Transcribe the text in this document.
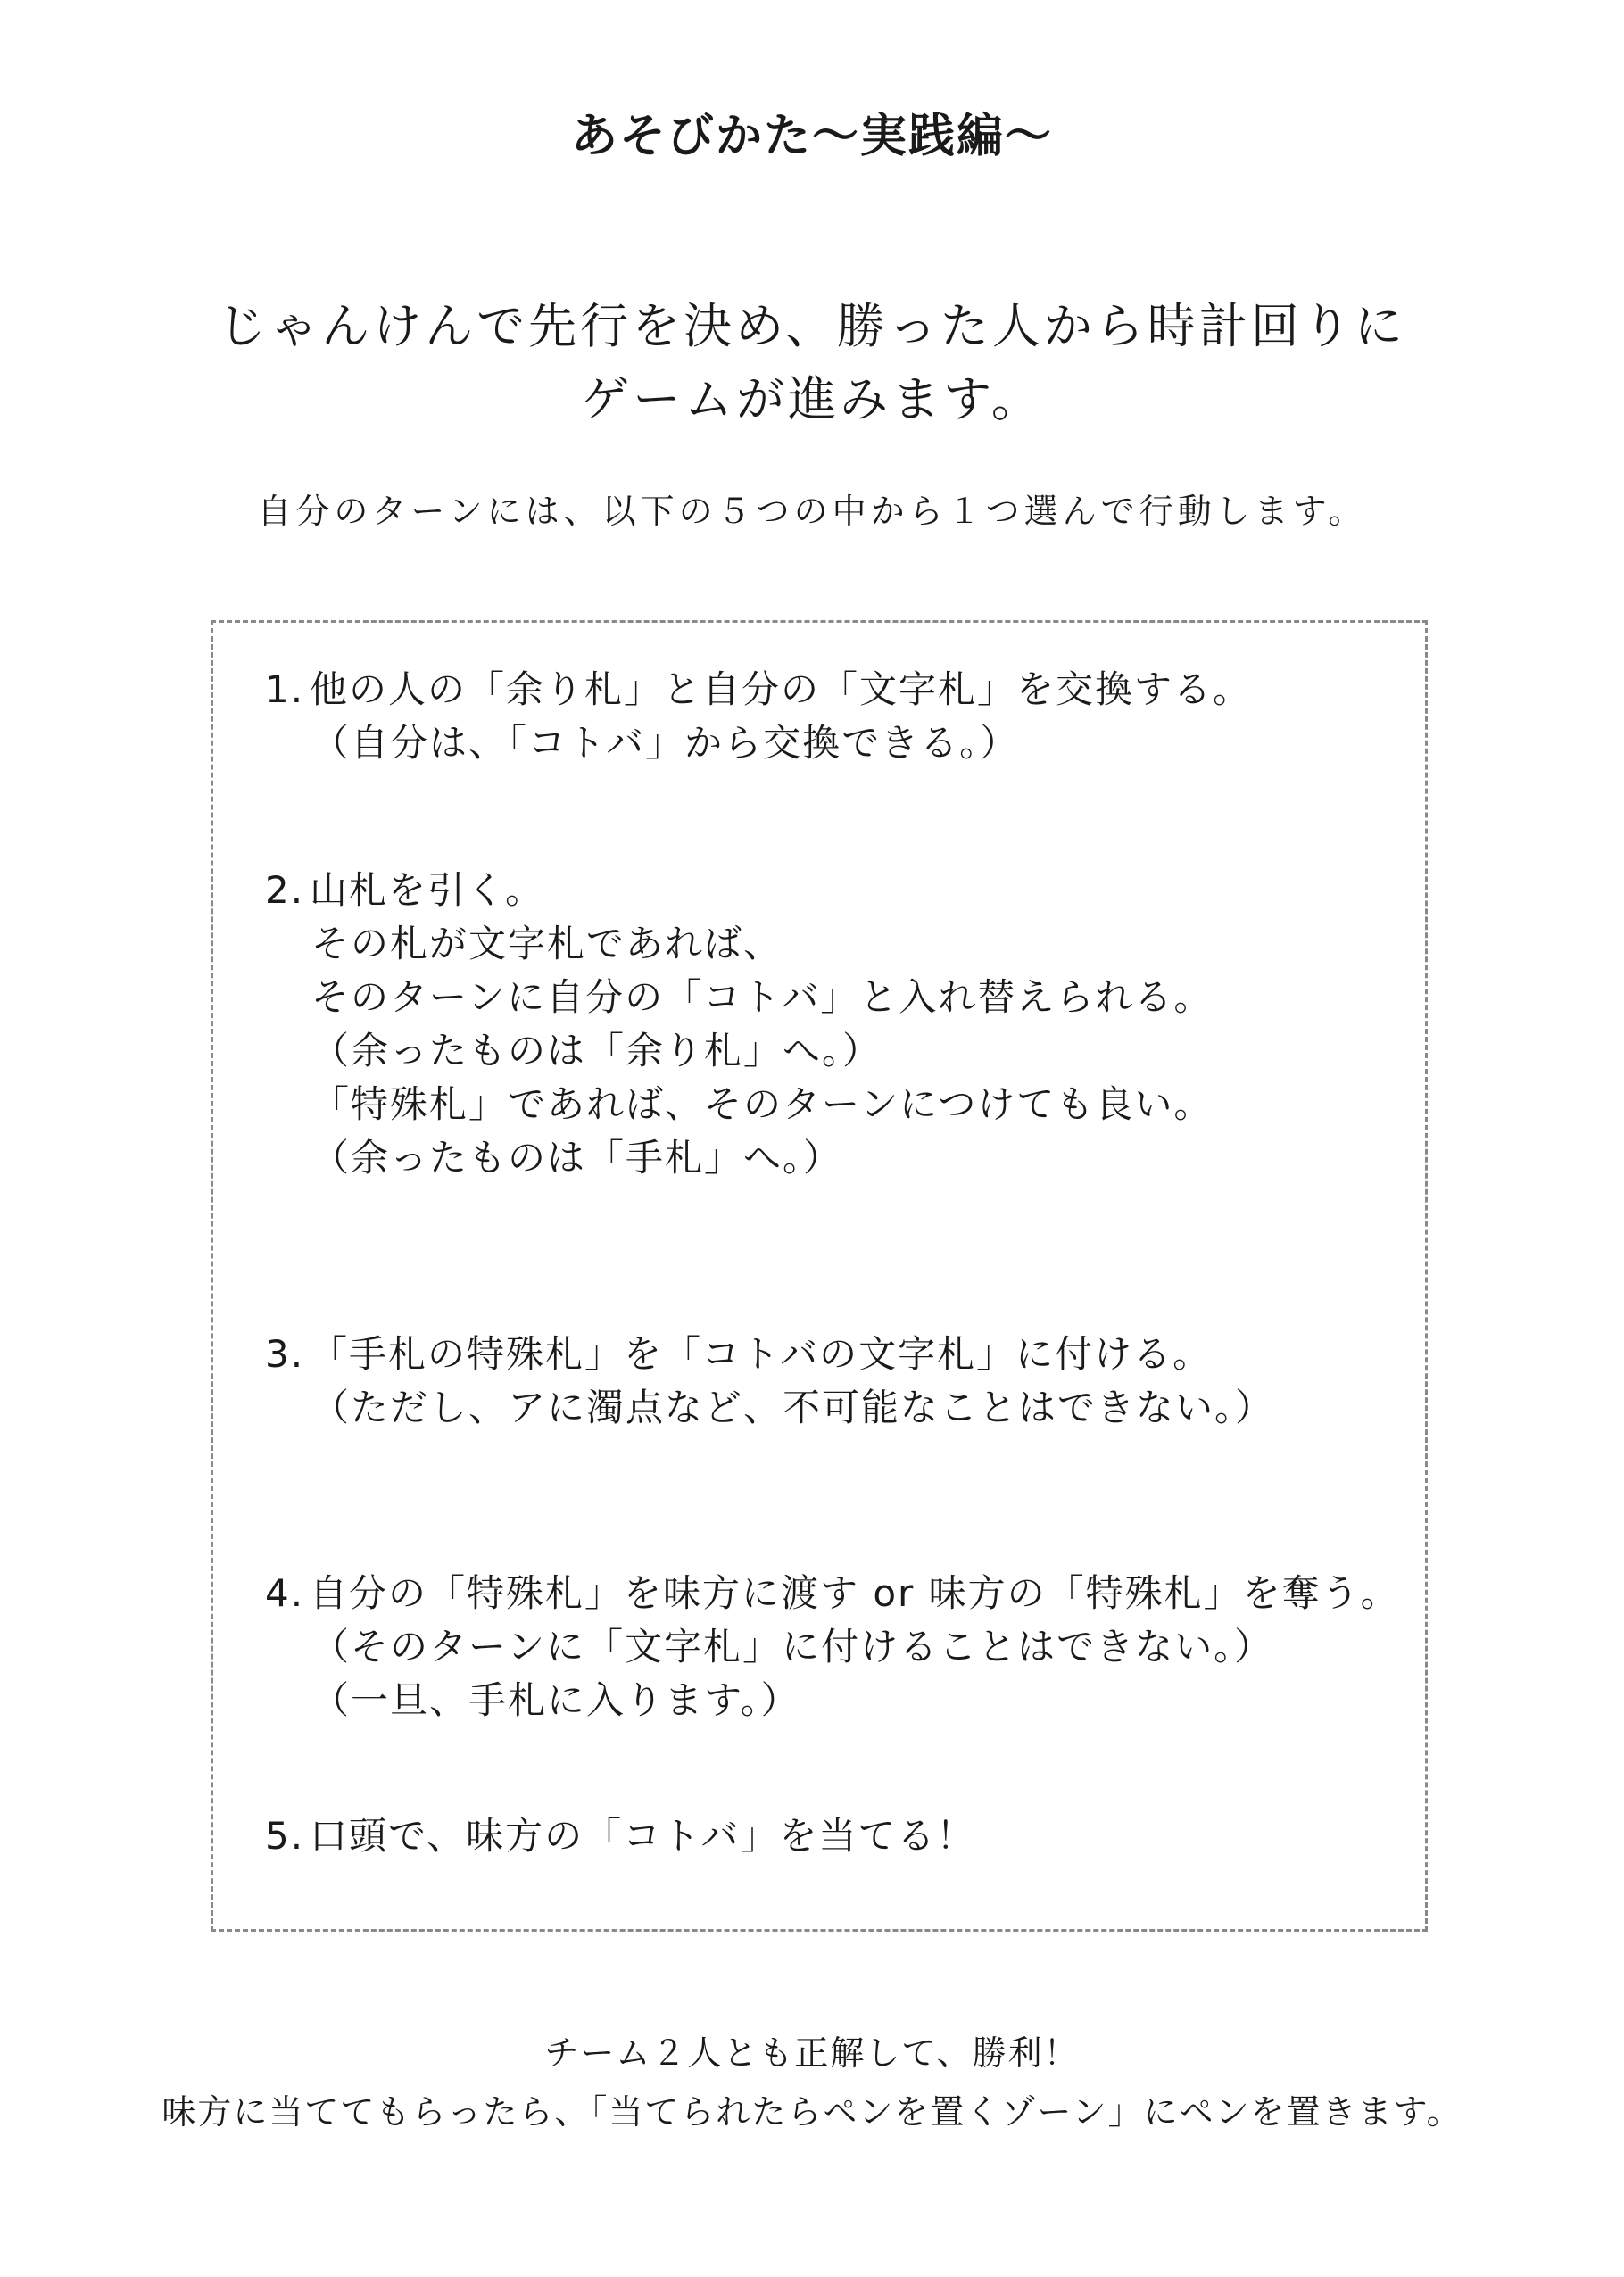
あそびかた〜実践編〜
じゃんけんで先行を決め、勝った人から時計回りに
ゲームが進みます。
自分のターンには、以下の５つの中から１つ選んで行動します。
1. 他の人の「余り札」と自分の「文字札」を交換する。
（自分は、「コトバ」から交換できる。）
2. 山札を引く。
その札が文字札であれば、
そのターンに自分の「コトバ」と入れ替えられる。
（余ったものは「余り札」へ。）
「特殊札」であれば、そのターンにつけても良い。
（余ったものは「手札」へ。）
3. 「手札の特殊札」を「コトバの文字札」に付ける。
（ただし、アに濁点など、不可能なことはできない。）
4. 自分の「特殊札」を味方に渡す or 味方の「特殊札」を奪う。
（そのターンに「文字札」に付けることはできない。）
（一旦、手札に入ります。）
5. 口頭で、味方の「コトバ」を当てる！
チーム２人とも正解して、勝利！
味方に当ててもらったら、「当てられたらペンを置くゾーン」にペンを置きます。
